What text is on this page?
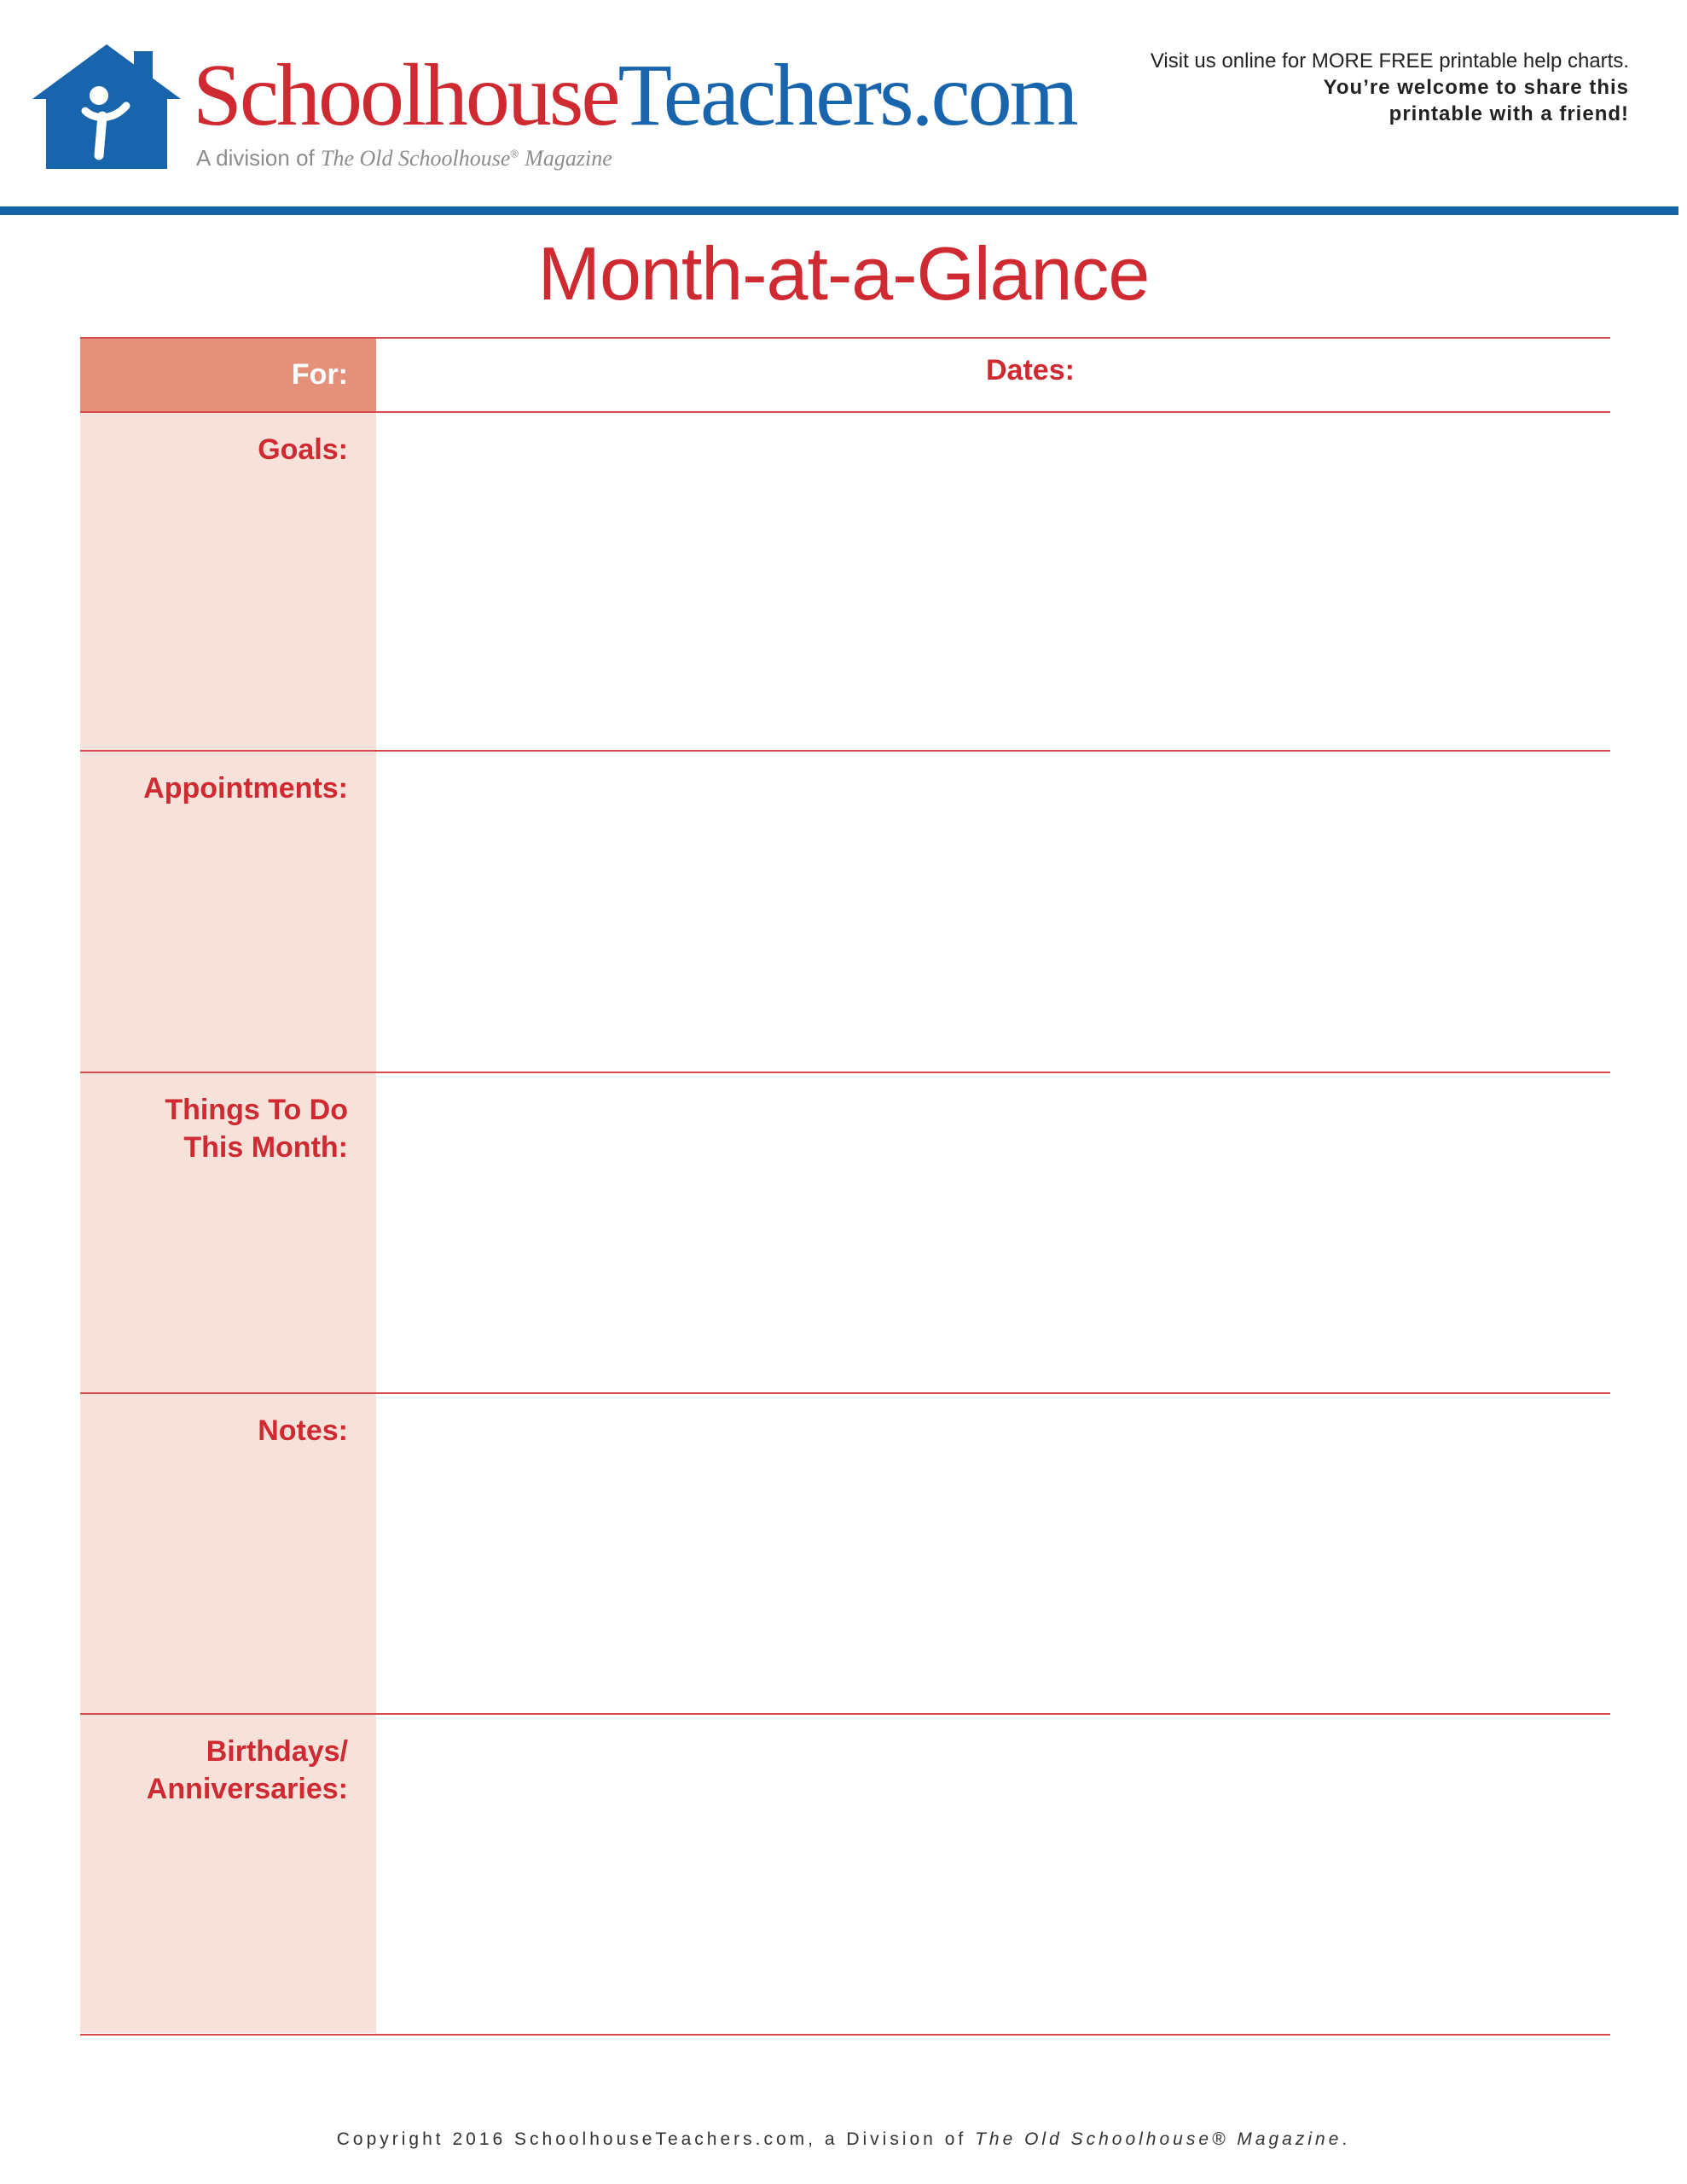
SchoolhouseTeachers.com
A division of The Old Schoolhouse® Magazine
Visit us online for MORE FREE printable help charts.
You’re welcome to share this
printable with a friend!
Month-at-a-Glance
For:	Dates:
Goals:
Appointments:
Things To Do
This Month:
Notes:
Birthdays/
Anniversaries:
Copyright 2016 SchoolhouseTeachers.com, a Division of The Old Schoolhouse® Magazine.
